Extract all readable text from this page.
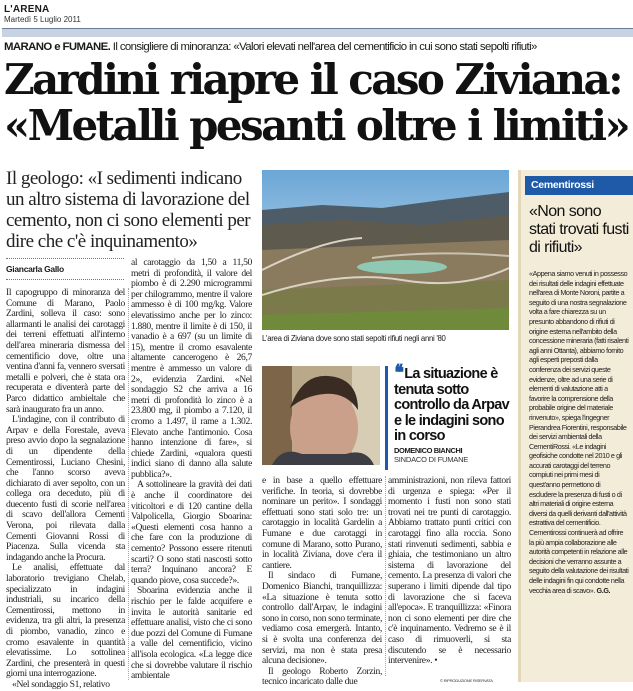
L'ARENA
Martedì 5 Luglio 2011
MARANO e FUMANE. Il consigliere di minoranza: «Valori elevati nell'area del cementificio in cui sono stati sepolti rifiuti»
Zardini riapre il caso Ziviana:
«Metalli pesanti oltre i limiti»
Il geologo: «I sedimenti indicano un altro sistema di lavorazione del cemento, non ci sono elementi per dire che c'è inquinamento»
Giancarla Gallo

Il capogruppo di minoranza del Comune di Marano, Paolo Zardini, solleva il caso: sono allarmanti le analisi dei carotaggi dei terreni effettuati all'interno dell'area mineraria dismessa del cementificio dove, oltre una ventina d'anni fa, vennero sversati metalli e polveri, che è stata ora recuperata e diventerà parte del Parco didattico ambieltale che sarà inaugurato fra un anno.

L'indagine, con il contributo di Arpav e della Forestale, aveva preso avvio dopo la segnalazione di un dipendente della Cementirossi, Luciano Chesini, che l'anno scorso aveva dichiarato di aver sepolto, con un collega ora deceduto, più di duecento fusti di scorie nell'area di scavo dell'allora Cementi Verona, poi rilevata dalla Cementi Giovanni Rossi di Piacenza. Sulla vicenda sta indagando anche la Procura.

Le analisi, effettuate dal laboratorio trevigiano Chelab, specializzato in indagini industriali, su incarico della Cementirossi, mettono in evidenza, tra gli altri, la presenza di piombo, vanadio, zinco e cromo esavalente in quantità elevatissime. Lo sottolinea Zardini, che presenterà in questi giorni una interrogazione.

«Nel sondaggio S1, relativo

al carotaggio da 1,50 a 11,50 metri di profondità, il valore del piombo è di 2.290 microgrammi per chilogrammo, mentre il valore ammesso è di 100 mg/kg. Valore elevatissimo anche per lo zinco: 1.880, mentre il limite è di 150, il vanadio è a 697 (su un limite di 15), mentre il cromo esavalente altamente cancerogeno è 26,7 mentre è ammesso un valore di 2», evidenzia Zardini. «Nel sondaggio S2 che arriva a 16 metri di profondità lo zinco è a 23.800 mg, il piombo a 7.120, il cromo a 1.497, il rame a 1.302. Elevato anche l'antimonio. Cosa hanno intenzione di fare», si chiede Zardini, «qualora questi indici siano di danno alla salute pubblica?».

A sottolineare la gravità dei dati è anche il coordinatore dei viticoltori e di 120 cantine della Valpolicella, Giorgio Sboarina: «Questi elementi cosa hanno a che fare con la produzione di cemento? Possono essere ritenuti scarti? O sono stati nascosti sotto terra? Inquinano ancora? E quando piove, cosa succede?».

Sboarina evidenzia anche il rischio per le falde acquifere e invita le autorità sanitarie ed effettuare analisi, visto che ci sono due pozzi del Comune di Fumane a valle del cementificio, vicino all'isola ecologica. «La legge dice che si dovrebbe valutare il rischio ambientale

L'area di Ziviana dove sono stati sepolti rifiuti negli anni '80
❛❛ La situazione è tenuta sotto controllo da Arpav e le indagini sono in corso
DOMENICO BIANCHI
SINDACO DI FUMANE

e in base a quello effettuare verifiche. In teoria, si dovrebbe nominare un perito». I sondaggi effettuati sono stati solo tre: un carotaggio in località Gardelin a Fumane e due carotaggi in comune di Marano, sotto Purano, in località Ziviana, dove c'era il cantiere.

Il sindaco di Fumane, Domenico Bianchi, tranquillizza: «La situazione è tenuta sotto controllo dall'Arpav, le indagini sono in corso, non sono terminate, vediamo cosa emergerà. Intanto, si è svolta una conferenza dei servizi, ma non è stata presa alcuna decisione».

Il geologo Roberto Zorzin, tecnico incaricato dalle due

amministrazioni, non rileva fattori di urgenza e spiega: «Per il momento i fusti non sono stati trovati nei tre punti di carotaggio. Abbiamo trattato punti critici con carotaggi fino alla roccia. Sono stati rinvenuti sedimenti, sabbia e ghiaia, che testimoniano un altro sistema di lavorazione del cemento. La presenza di valori che superano i limiti dipende dal tipo di lavorazione che si faceva all'epoca». E tranquillizza: «Finora non ci sono elementi per dire che c'è inquinamento. Vedremo se è il caso di rimuoverli, si sta discutendo se è necessario intervenire». •

© RIPRODUZIONE RISERVATA
Cementirossi
«Non sono stati trovati fusti di rifiuti»
«Appena siamo venuti in possesso dei risultati delle indagini effettuate nell'area di Monte Noroni, partite a seguito di una nostra segnalazione volta a fare chiarezza su un presunto abbandono di rifiuti di origine esterna nell'ambito della concessione mineraria (fatti risalenti agli anni Ottanta), abbiamo fornito agli esperti preposti dalla conferenza dei servizi queste evidenze, oltre ad una serie di elementi di valutazione atti a favorire la comprensione della probabile origine del materiale rinvenuto», spiega l'ingegner Pierandrea Fiorentini, responsabile dei servizi ambientali della CementiRossi. «Le indagini geofisiche condotte nel 2010 e gli accurati carotaggi del terreno compiuti nei primi mesi di quest'anno permettono di escludere la presenza di fusti o di altri materiali di origine esterna diversi da quelli derivanti dall'attività estrattiva del cementificio. Cementirossi continuerà ad offrire la più ampia collaborazione alle autorità competenti in relazione alle decisioni che verranno assunte a seguito della valutazione dei risultati delle indagini fin qui condotte nella vecchia area di scavo». G.G.
